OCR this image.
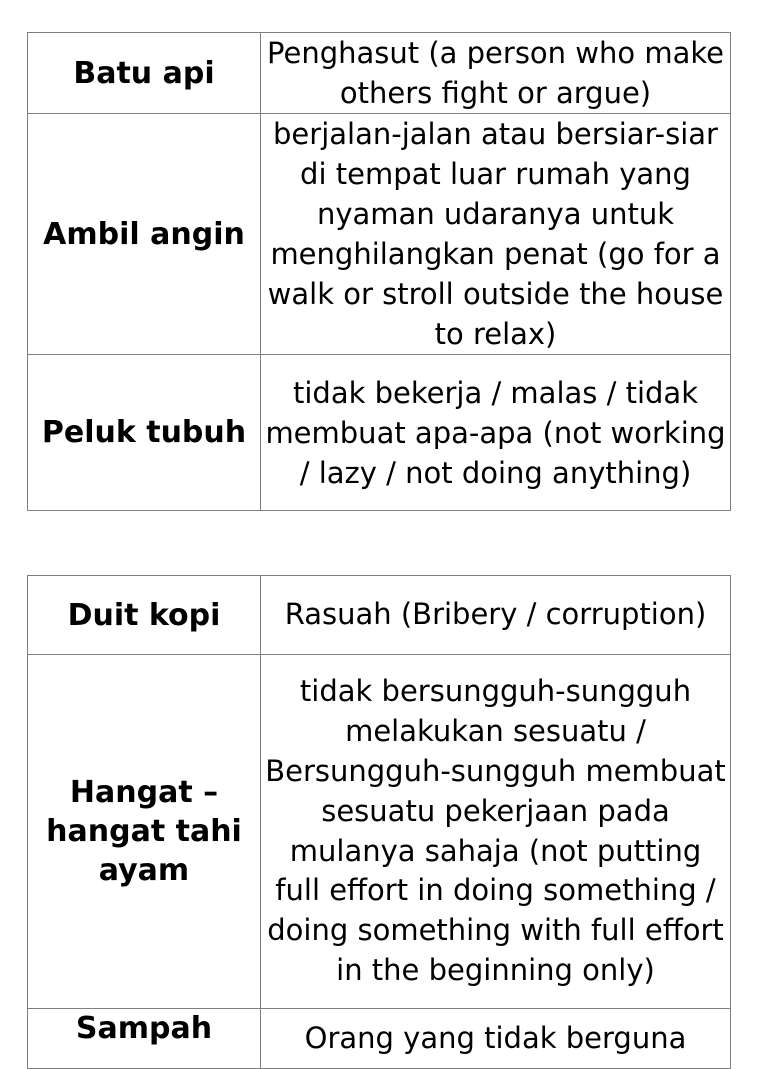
Batu api	Penghasut (a person who make others fight or argue)
Ambil angin	berjalan-jalan atau bersiar-siar di tempat luar rumah yang nyaman udaranya untuk menghilangkan penat (go for a walk or stroll outside the house to relax)
Peluk tubuh	tidak bekerja / malas / tidak membuat apa-apa (not working / lazy / not doing anything)
Duit kopi	Rasuah (Bribery / corruption)
Hangat – hangat tahi ayam	tidak bersungguh-sungguh melakukan sesuatu / Bersungguh-sungguh membuat sesuatu pekerjaan pada mulanya sahaja (not putting full effort in doing something / doing something with full effort in the beginning only)
Sampah	Orang yang tidak berguna
